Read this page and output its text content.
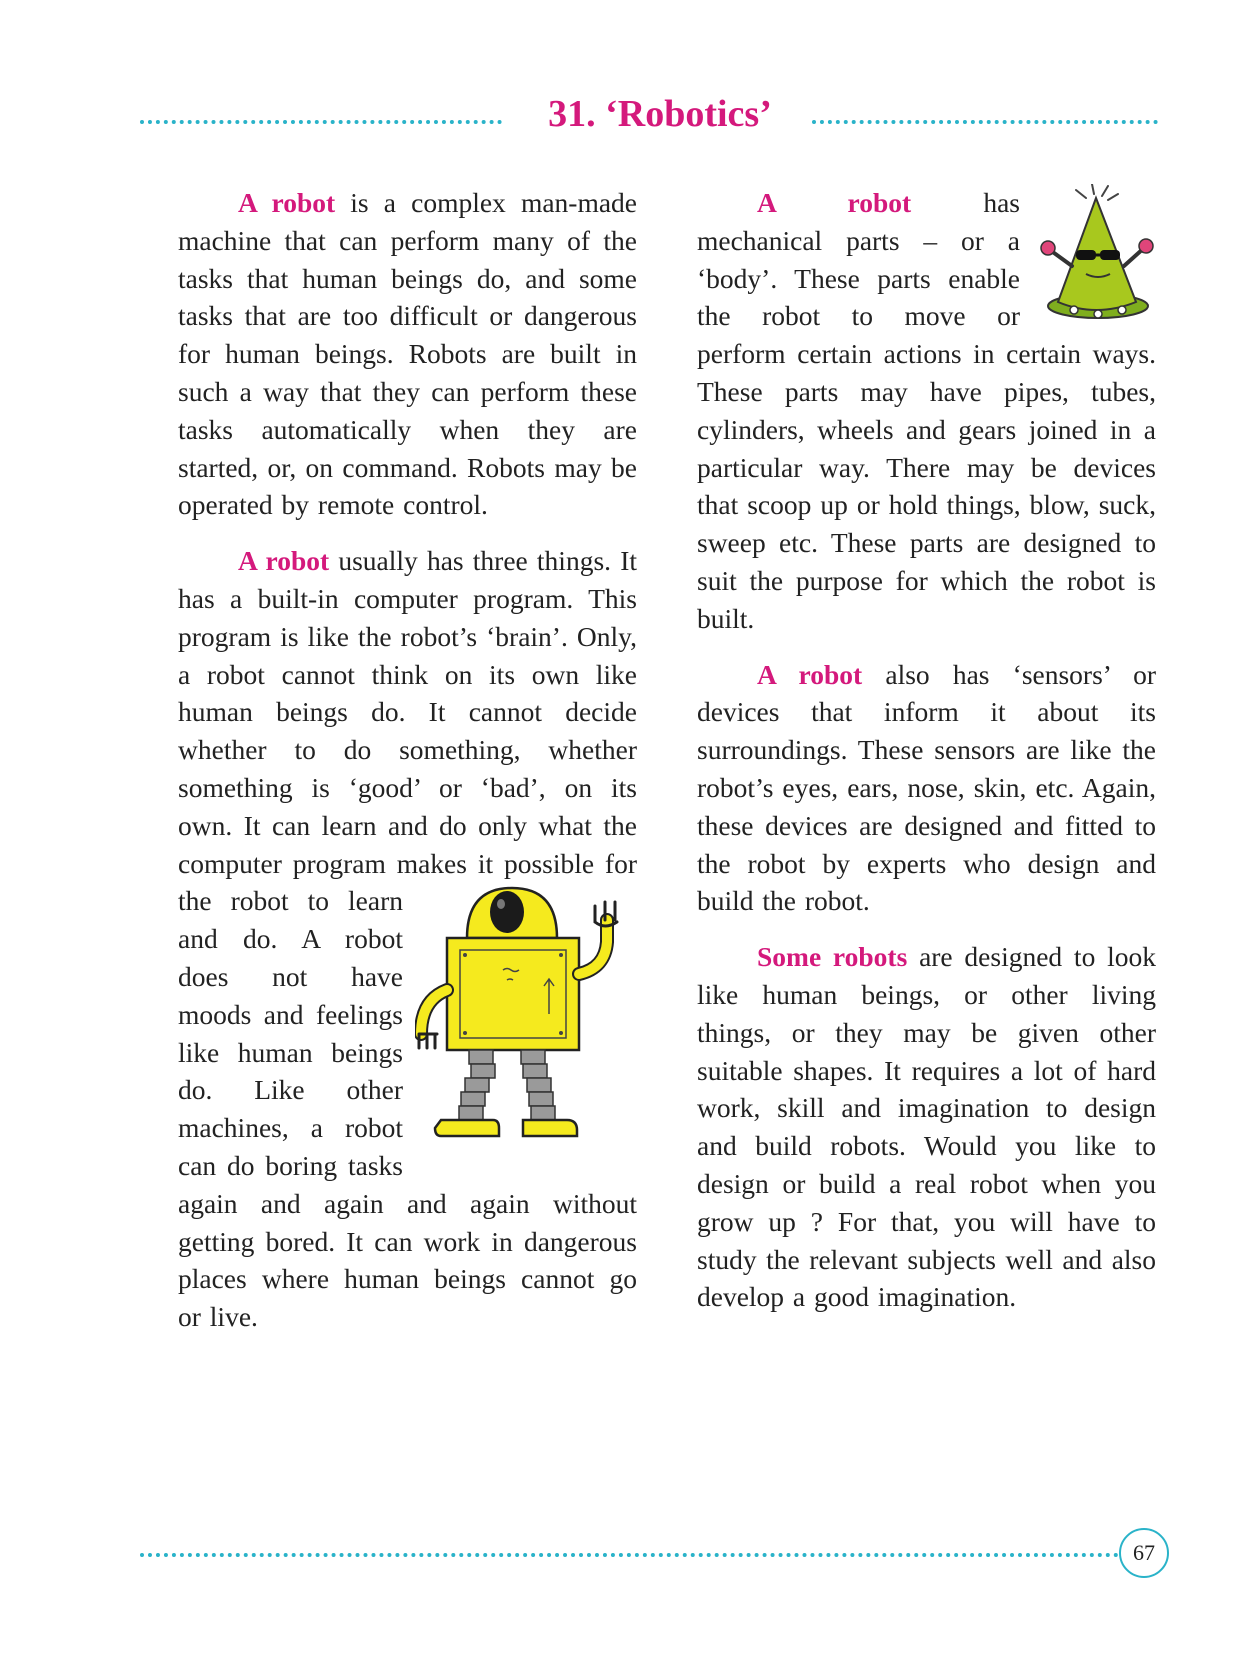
31. ‘Robotics’

A robot is a complex man-made machine that can perform many of the tasks that human beings do, and some tasks that are too difficult or dangerous for human beings. Robots are built in such a way that they can perform these tasks automatically when they are started, or, on command. Robots may be operated by remote control.

A robot usually has three things. It has a built-in computer program. This program is like the robot’s ‘brain’. Only, a robot cannot think on its own like human beings do. It cannot decide whether to do something, whether something is ‘good’ or ‘bad’, on its own. It can learn and do only what the computer program makes
it possible for the robot to learn and do. A robot does not have moods and feelings like human beings do. Like other machines, a robot can do boring tasks again and again and again without getting bored. It can work in dangerous places where human beings cannot go or live.

A robot has mechanical parts – or a ‘body’. These parts enable the robot to move or perform certain actions in certain ways. These parts may have pipes, tubes, cylinders, wheels and gears joined in a particular way. There may be devices that scoop up or hold things, blow, suck, sweep etc. These parts are designed to suit the purpose for which the robot is built.

A robot also has ‘sensors’ or devices that inform it about its surroundings. These sensors are like the robot’s eyes, ears, nose, skin, etc. Again, these devices are designed and fitted to the robot by experts who design and build the robot.

Some robots are designed to look like human beings, or other living things, or they may be given other suitable shapes. It requires a lot of hard work, skill and imagination to design and build robots. Would you like to design or build a real robot when you grow up ? For that, you will have to study the relevant subjects well and also develop a good imagination.

67
